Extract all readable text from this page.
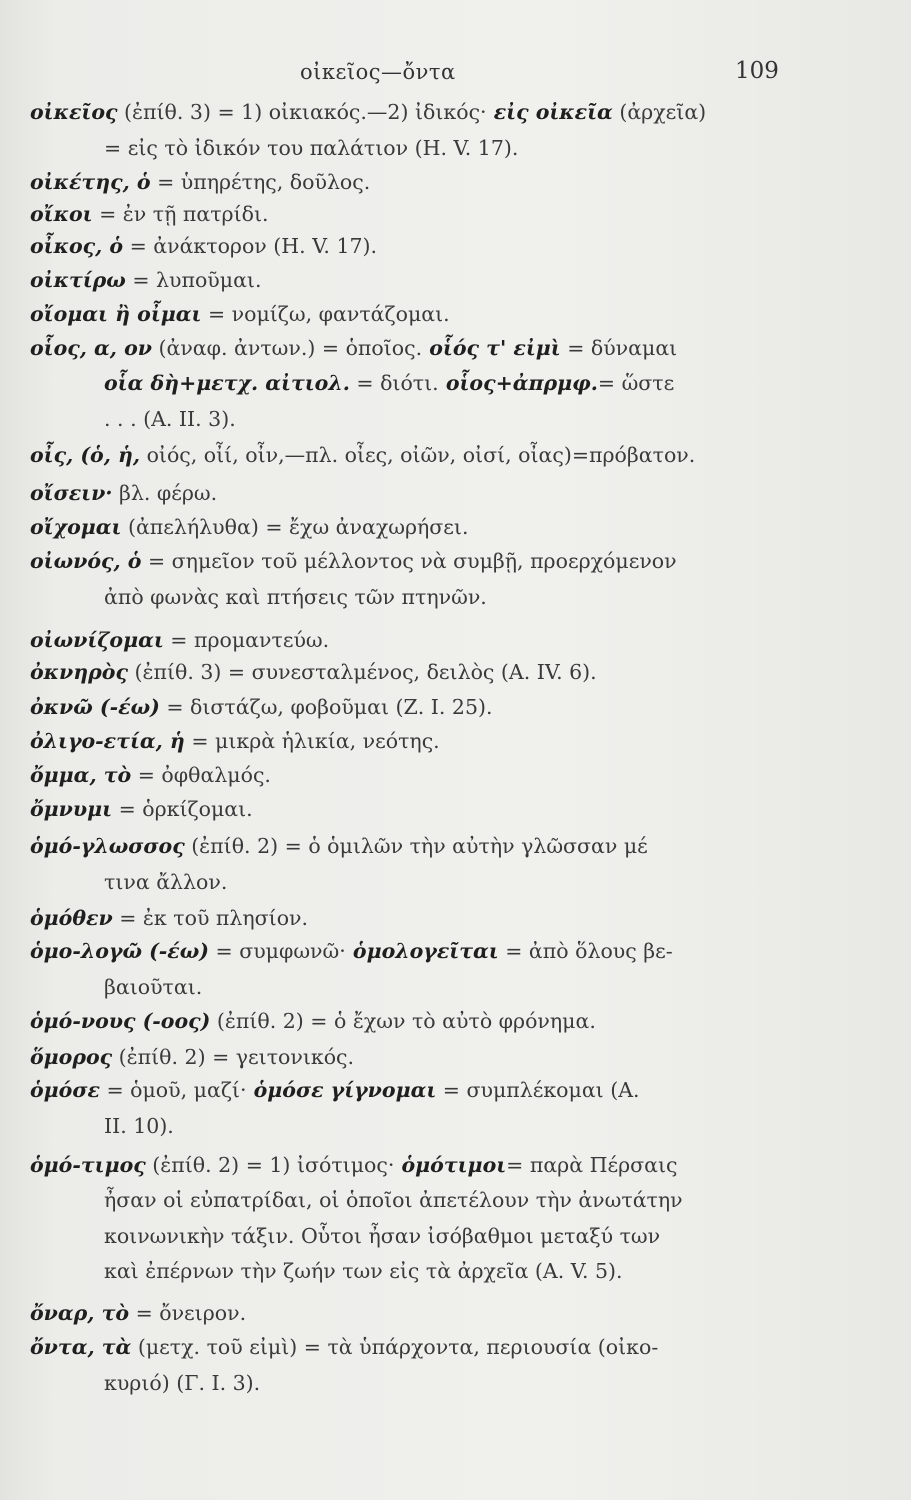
οἰκεῖος—ὄντα	109
οἰκεῖος (ἐπίθ. 3) = 1) οἰκιακός.—2) ἰδικός· εἰς οἰκεῖα (ἀρχεῖα)
= εἰς τὸ ἰδικόν του παλάτιον (Η. V. 17).
οἰκέτης, ὁ = ὑπηρέτης, δοῦλος.
οἴκοι = ἐν τῇ πατρίδι.
οἶκος, ὁ = ἀνάκτορον (Η. V. 17).
οἰκτίρω = λυποῦμαι.
οἴομαι ἢ οἶμαι = νομίζω, φαντάζομαι.
οἷος, α, ον (ἀναφ. ἀντων.) = ὁποῖος. οἷός τ' εἰμὶ = δύναμαι
οἷα δὴ+μετχ. αἰτιολ. = διότι. οἷος+ἀπρμφ.= ὥστε
. . . (Α. ΙΙ. 3).
οἶς, (ὁ, ἡ, οἰός, οἶί, οἶν,—πλ. οἶες, οἰῶν, οἰσί, οἶας)=πρόβατον.
οἴσειν· βλ. φέρω.
οἴχομαι (ἀπελήλυθα) = ἔχω ἀναχωρήσει.
οἰωνός, ὁ = σημεῖον τοῦ μέλλοντος νὰ συμβῇ, προερχόμενον
ἀπὸ φωνὰς καὶ πτήσεις τῶν πτηνῶν.
οἰωνίζομαι = προμαντεύω.
ὀκνηρὸς (ἐπίθ. 3) = συνεσταλμένος, δειλὸς (Α. IV. 6).
ὀκνῶ (-έω) = διστάζω, φοβοῦμαι (Ζ. Ι. 25).
ὀλιγο-ετία, ἡ = μικρὰ ἡλικία, νεότης.
ὄμμα, τὸ = ὀφθαλμός.
ὄμνυμι = ὁρκίζομαι.
ὁμό-γλωσσος (ἐπίθ. 2) = ὁ ὁμιλῶν τὴν αὐτὴν γλῶσσαν μέ
τινα ἄλλον.
ὁμόθεν = ἐκ τοῦ πλησίον.
ὁμο-λογῶ (-έω) = συμφωνῶ· ὁμολογεῖται = ἀπὸ ὅλους βε-
βαιοῦται.
ὁμό-νους (-οος) (ἐπίθ. 2) = ὁ ἔχων τὸ αὐτὸ φρόνημα.
ὅμορος (ἐπίθ. 2) = γειτονικός.
ὁμόσε = ὁμοῦ, μαζί· ὁμόσε γίγνομαι = συμπλέκομαι (Α.
ΙΙ. 10).
ὁμό-τιμος (ἐπίθ. 2) = 1) ἰσότιμος· ὁμότιμοι= παρὰ Πέρσαις
ἦσαν οἱ εὐπατρίδαι, οἱ ὁποῖοι ἀπετέλουν τὴν ἀνωτάτην
κοινωνικὴν τάξιν. Οὗτοι ἦσαν ἰσόβαθμοι μεταξύ των
καὶ ἐπέρνων τὴν ζωήν των εἰς τὰ ἀρχεῖα (Α. V. 5).
ὄναρ, τὸ = ὄνειρον.
ὄντα, τὰ (μετχ. τοῦ εἰμὶ) = τὰ ὑπάρχοντα, περιουσία (οἰκο-
κυριό) (Γ. Ι. 3).
